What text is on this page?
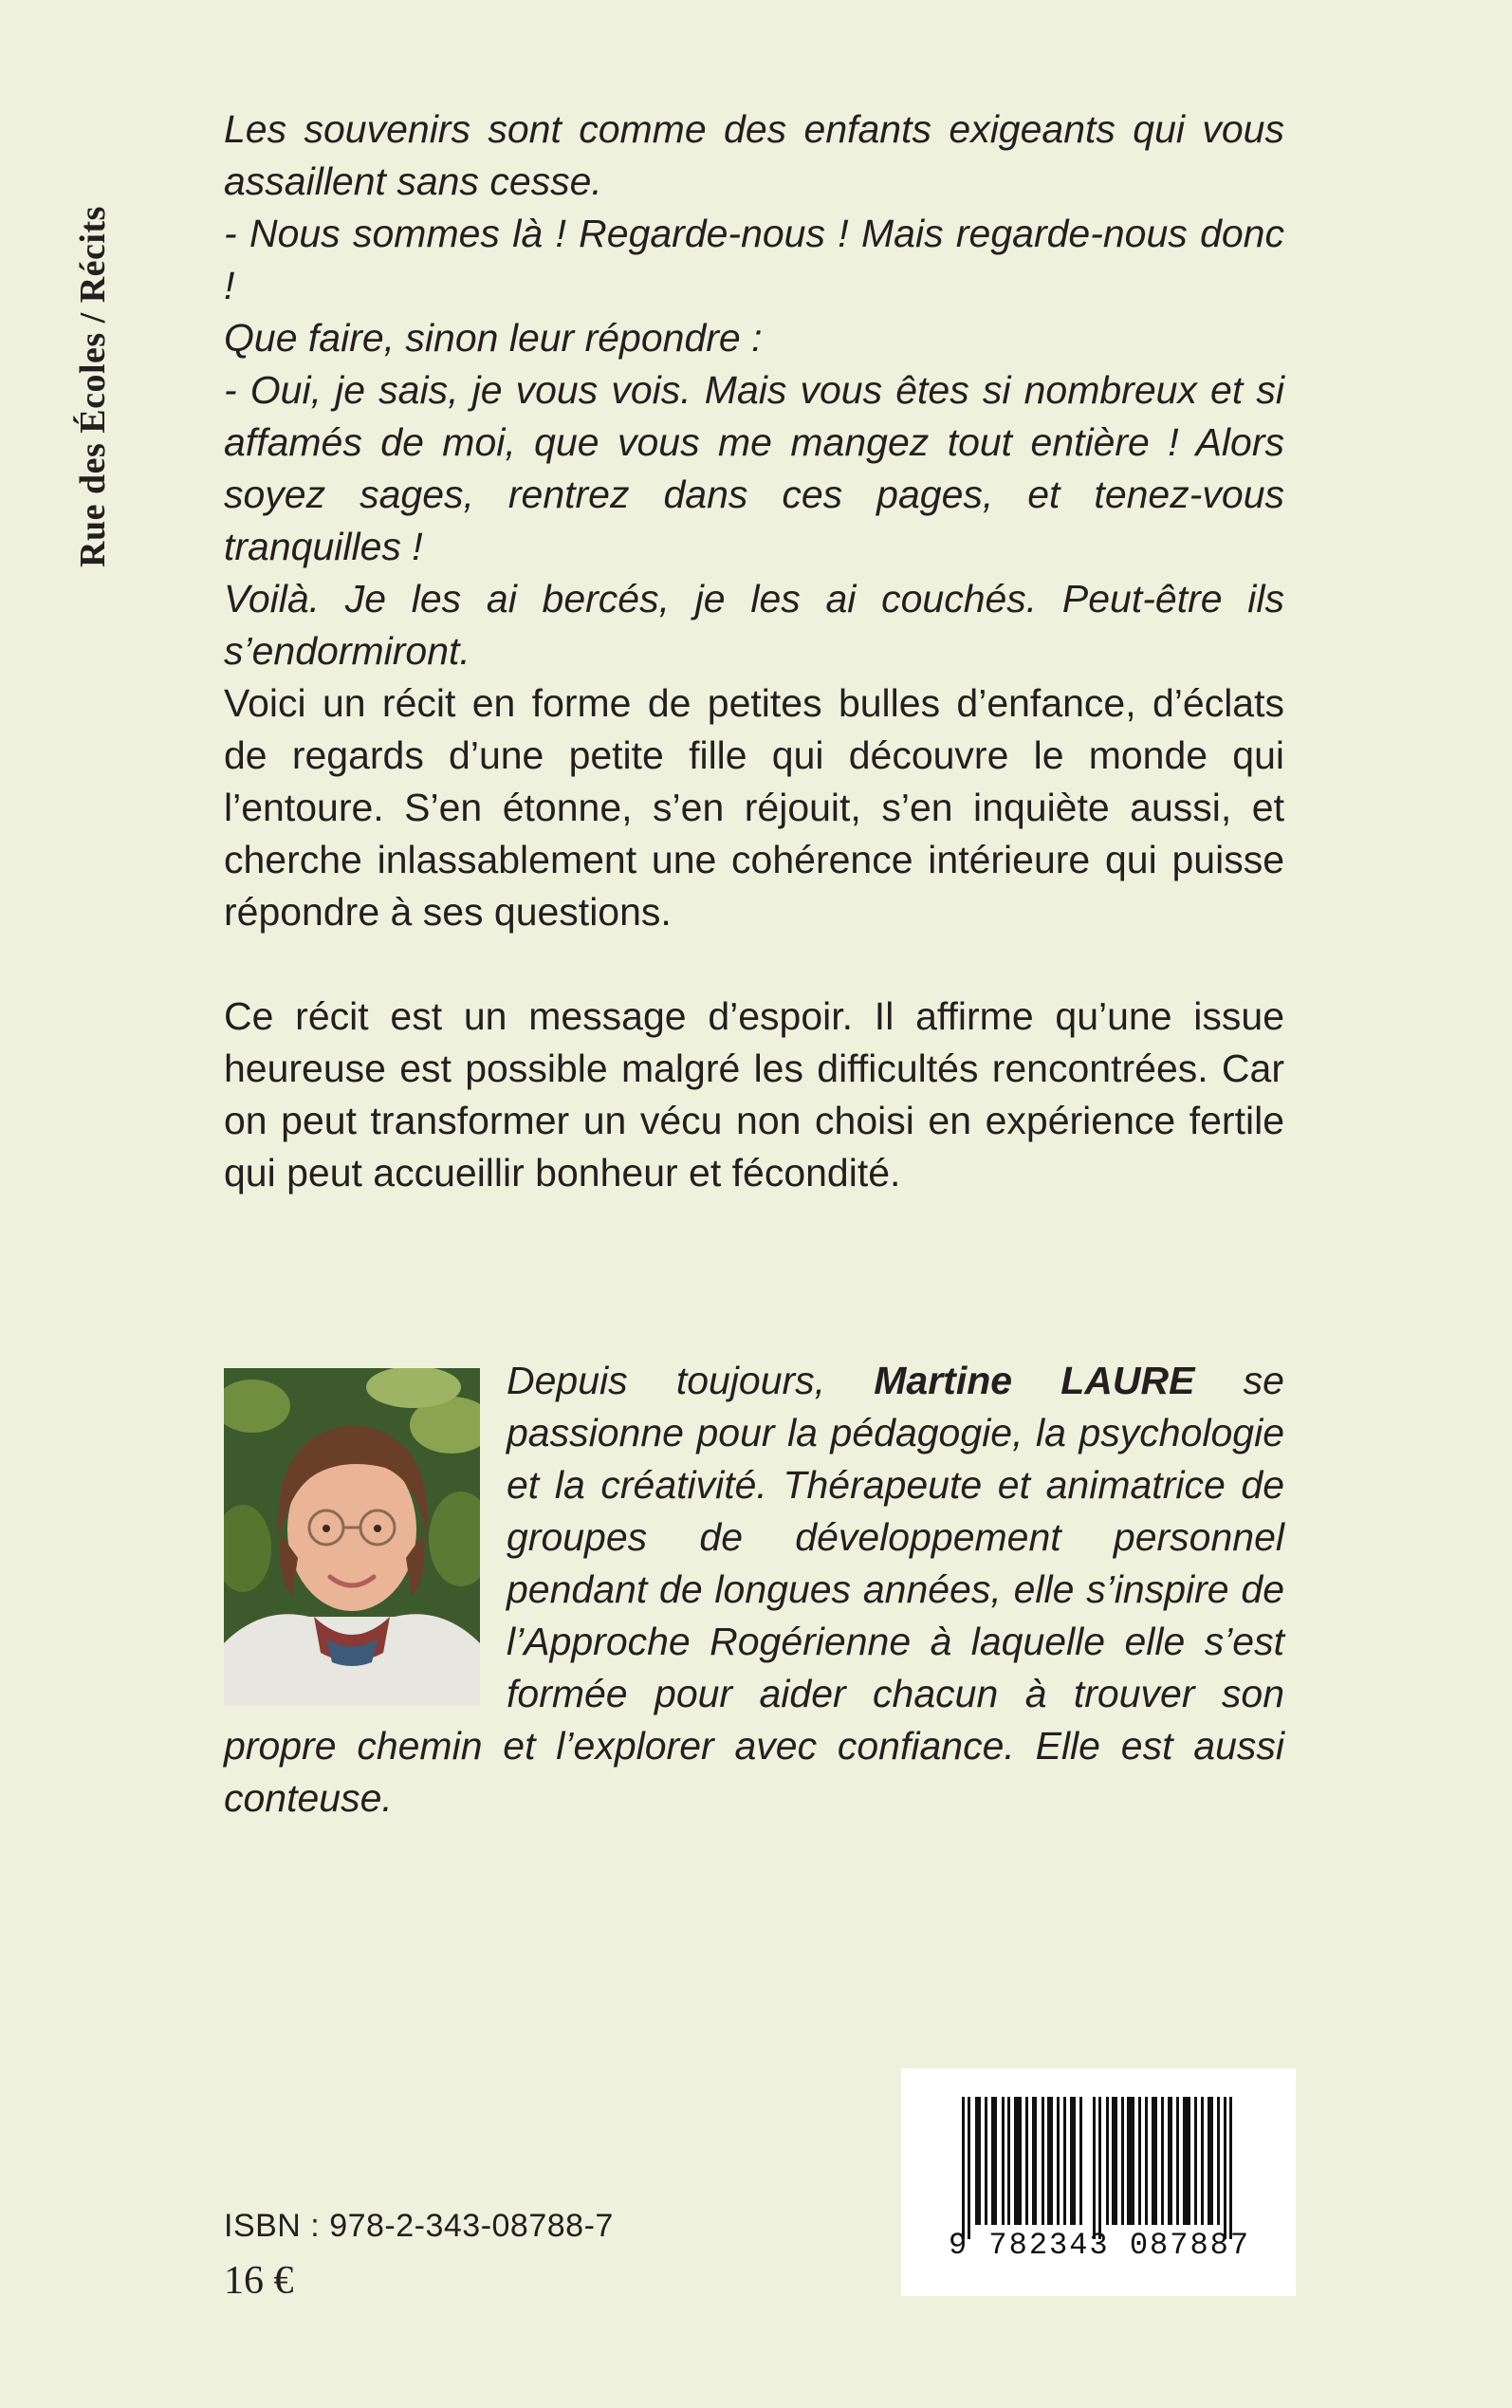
Rue des Écoles / Récits

Les souvenirs sont comme des enfants exigeants qui vous assaillent sans cesse.

- Nous sommes là ! Regarde-nous ! Mais regarde-nous donc !

Que faire, sinon leur répondre :

- Oui, je sais, je vous vois. Mais vous êtes si nombreux et si affamés de moi, que vous me mangez tout entière ! Alors soyez sages, rentrez dans ces pages, et tenez-vous tranquilles !

Voilà. Je les ai bercés, je les ai couchés. Peut-être ils s’endormiront.

Voici un récit en forme de petites bulles d’enfance, d’éclats de regards d’une petite fille qui découvre le monde qui l’entoure. S’en étonne, s’en réjouit, s’en inquiète aussi, et cherche inlassablement une cohérence intérieure qui puisse répondre à ses questions.

Ce récit est un message d’espoir. Il affirme qu’une issue heureuse est possible malgré les difficultés rencontrées. Car on peut transformer un vécu non choisi en expérience fertile qui peut accueillir bonheur et fécondité.

Depuis toujours, Martine LAURE se passionne pour la pédagogie, la psychologie et la créativité. Thérapeute et animatrice de groupes de développement personnel pendant de longues années, elle s’inspire de l’Approche Rogérienne à laquelle elle s’est formée pour aider chacun à trouver son propre chemin et l’explorer avec confiance. Elle est aussi conteuse.

ISBN : 978-2-343-08788-7
16 €
9 782343 087887
